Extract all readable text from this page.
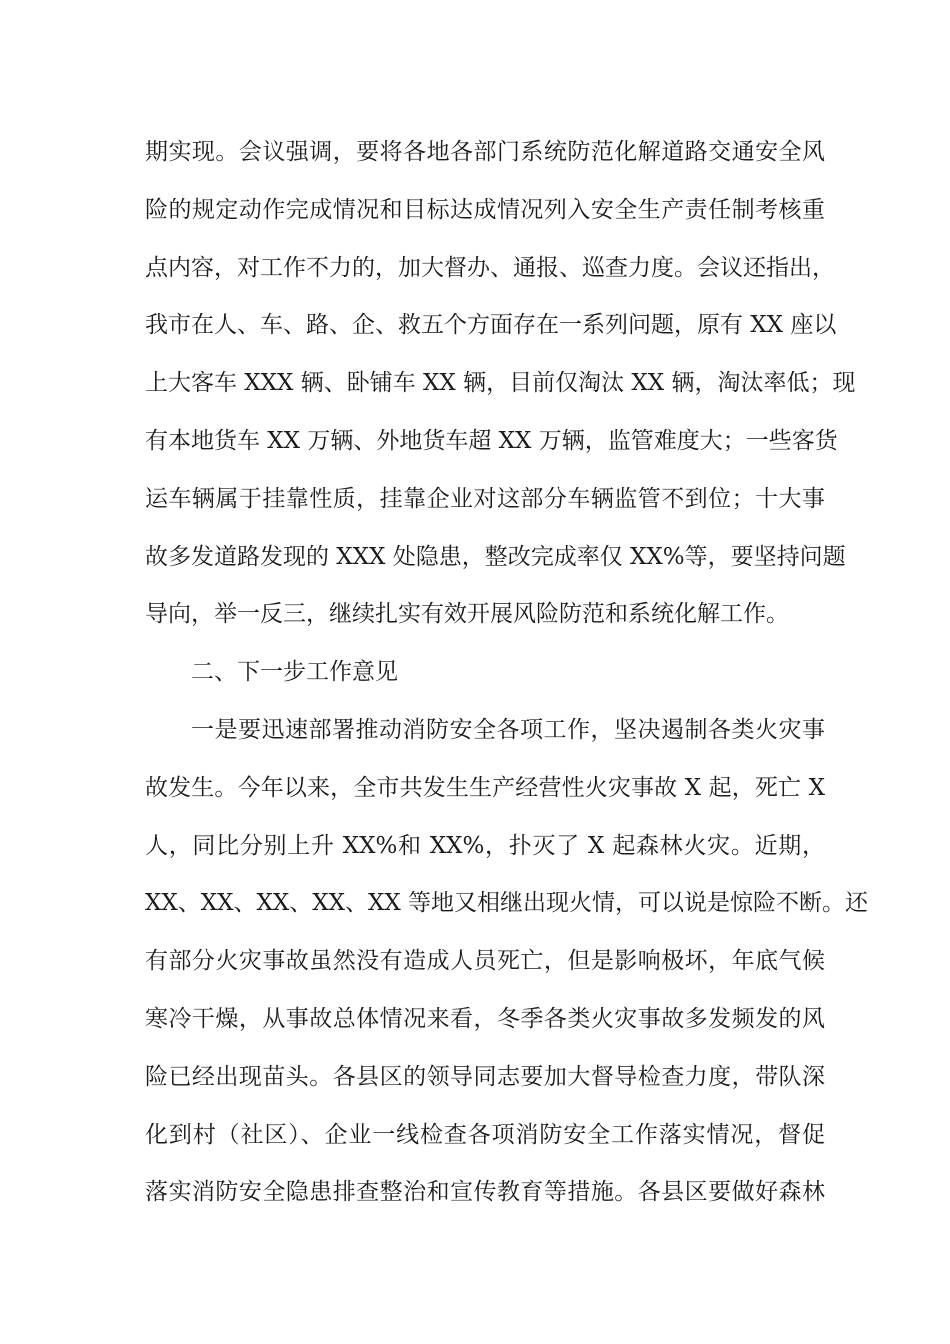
期实现。会议强调，要将各地各部门系统防范化解道路交通安全风
险的规定动作完成情况和目标达成情况列入安全生产责任制考核重
点内容，对工作不力的，加大督办、通报、巡查力度。会议还指出，
我市在人、车、路、企、救五个方面存在一系列问题，原有 XX 座以
上大客车 XXX 辆、卧铺车 XX 辆，目前仅淘汰 XX 辆，淘汰率低；现
有本地货车 XX 万辆、外地货车超 XX 万辆，监管难度大；一些客货
运车辆属于挂靠性质，挂靠企业对这部分车辆监管不到位；十大事
故多发道路发现的 XXX 处隐患，整改完成率仅 XX%等，要坚持问题
导向，举一反三，继续扎实有效开展风险防范和系统化解工作。
二、下一步工作意见
一是要迅速部署推动消防安全各项工作，坚决遏制各类火灾事
故发生。今年以来，全市共发生生产经营性火灾事故 X 起，死亡 X
人，同比分别上升 XX%和 XX%，扑灭了 X 起森林火灾。近期，
XX、XX、XX、XX、XX 等地又相继出现火情，可以说是惊险不断。还
有部分火灾事故虽然没有造成人员死亡，但是影响极坏，年底气候
寒冷干燥，从事故总体情况来看，冬季各类火灾事故多发频发的风
险已经出现苗头。各县区的领导同志要加大督导检查力度，带队深
化到村（社区）、企业一线检查各项消防安全工作落实情况，督促
落实消防安全隐患排查整治和宣传教育等措施。各县区要做好森林
